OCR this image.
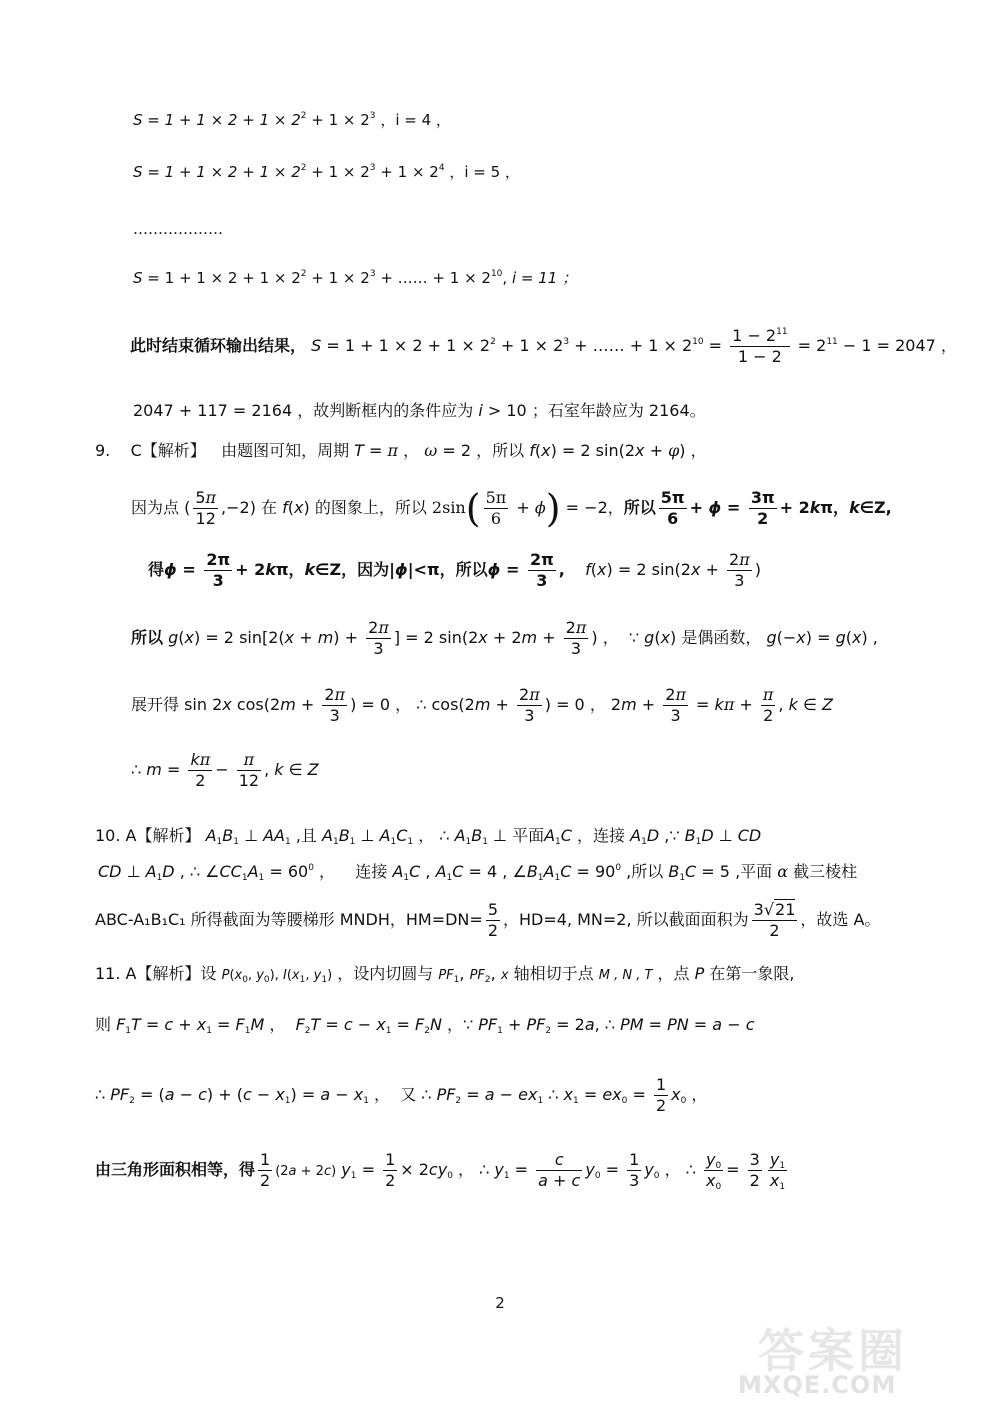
$S = 1 + 1 \times 2 + 1 \times 2^2 + 1 \times 2^3$ ，i = 4 ，
$S = 1 + 1 \times 2 + 1 \times 2^2 + 1 \times 2^3 + 1 \times 2^4$ ，i = 5 ，
………………
$S = 1 + 1 \times 2 + 1 \times 2^2 + 1 \times 2^3$ + …… + $1 \times 2^{10}$, i = 11 ；
此时结束循环输出结果， $S = 1 + 1 \times 2 + 1 \times 2^2 + 1 \times 2^3$ + …… + $1 \times 2^{10} = \frac{1 - 2^{11}}{1 - 2} = 2^{11} - 1 = 2047$ ，
2047 + 117 = 2164 ，故判断框内的条件应为 i > 10 ；石室年龄应为 2164。
9. C【解析】 由题图可知，周期 T = π ， ω = 2 ，所以 f(x) = 2 sin(2x + φ) ，
因为点 ( $\frac{5\pi}{12} ,-2$) 在 f(x) 的图象上，所以 $2\sin( \frac{5\pi}{6} + \phi) = -2$，所以 $\frac{5\pi}{6} + \phi = \frac{3\pi}{2} + 2k\pi$，k∈Z,
得$\phi = \frac{2\pi}{3} + 2k\pi$，k∈Z，因为|ϕ|<π，所以$\phi = \frac{2\pi}{3}$ , f(x) = 2 $\sin(2x + \frac{2\pi}{3}$ )
所以 g(x) = 2 $\sin[2(x + m) + \frac{2\pi}{3}$ ] = 2 $\sin(2x + 2m + \frac{2\pi}{3}$ ) ，  ∵ g(x) 是偶函数， g(−x) = g(x) ,
展开得 sin 2x $\cos(2m + \frac{2\pi}{3}$ ) = 0 ， ∴ $\cos(2m + \frac{2\pi}{3}$ ) = 0 ， $2m + \frac{2\pi}{3} = k\pi + \frac{\pi}{2}$ , k ∈ Z
∴ $m = \frac{k\pi}{2} - \frac{\pi}{12}$ , k ∈ Z
10. A【解析】 $A_1B_1$ ⊥ $AA_1$ ,且 $A_1B_1$ ⊥ $A_1C_1$ ， ∴ $A_1B_1$ ⊥ 平面$A_1C$ ，连接 $A_1D$ ,∵ $B_1D$ ⊥ CD
CD ⊥ $A_1D$ , ∴ $\angle CC_1A_1 = 60^0$ ，    连接 $A_1C$ , $A_1C = 4$ , $\angle B_1A_1C = 90^0$ ,所以 $B_1C = 5$ ,平面 α 截三棱柱
ABC-A₁B₁C₁ 所得截面为等腰梯形 MNDH，$HM=DN= \frac{5}{2}$ ，HD=4, MN=2, 所以截面面积为 $\frac{3√21}{2}$ ，故选 A。
11. A【解析】设 $P(x_0$, $y_0$), $I(x_1$, $y_1$) ，设内切圆与 $PF_1$, $PF_2$, x 轴相切于点 M , N , T ，点 P 在第一象限,
则 $F_1T = c + x_1 = F_1M$ ，  $F_2T = c - x_1 = F_2N$ ，∵ $PF_1 + PF_2 = 2a$, ∴ PM = PN = a − c
∴ $PF_2 = (a - c) + (c - x_1) = a - x_1$ ，  又 ∴ $PF_2 = a - ex_1$ ∴ $x_1 = ex_0 = \frac{1}{2} x_0$ ，
由三角形面积相等，得 $\frac{1}{2} (2a + 2c) y_1 = \frac{1}{2} \times 2cy_0$ ， ∴ $y_1 = \frac{c}{a + c} y_0 = \frac{1}{3} y_0$ ， ∴ $\frac{y_0}{x_0} = \frac{3}{2} \frac{y_1}{x_1}$
2
答案圈
MXQE.COM
